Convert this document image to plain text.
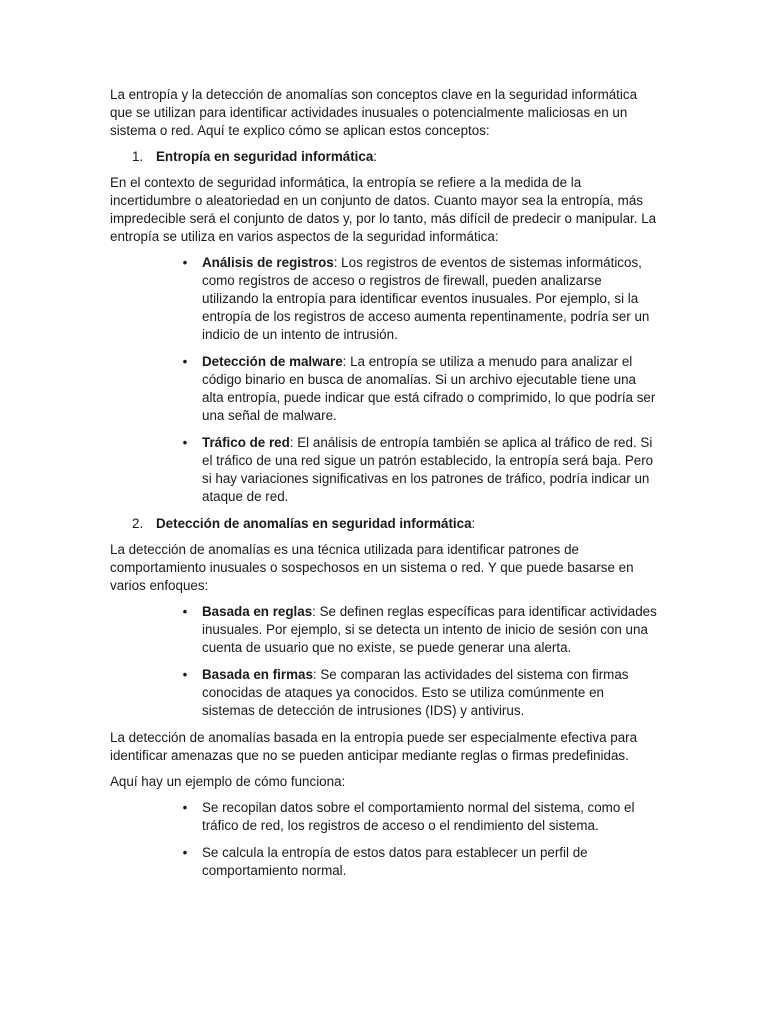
La entropía y la detección de anomalías son conceptos clave en la seguridad informática que se utilizan para identificar actividades inusuales o potencialmente maliciosas en un sistema o red. Aquí te explico cómo se aplican estos conceptos:

1. Entropía en seguridad informática:

En el contexto de seguridad informática, la entropía se refiere a la medida de la incertidumbre o aleatoriedad en un conjunto de datos. Cuanto mayor sea la entropía, más impredecible será el conjunto de datos y, por lo tanto, más difícil de predecir o manipular. La entropía se utiliza en varios aspectos de la seguridad informática:

• Análisis de registros: Los registros de eventos de sistemas informáticos, como registros de acceso o registros de firewall, pueden analizarse utilizando la entropía para identificar eventos inusuales. Por ejemplo, si la entropía de los registros de acceso aumenta repentinamente, podría ser un indicio de un intento de intrusión.
• Detección de malware: La entropía se utiliza a menudo para analizar el código binario en busca de anomalías. Si un archivo ejecutable tiene una alta entropía, puede indicar que está cifrado o comprimido, lo que podría ser una señal de malware.
• Tráfico de red: El análisis de entropía también se aplica al tráfico de red. Si el tráfico de una red sigue un patrón establecido, la entropía será baja. Pero si hay variaciones significativas en los patrones de tráfico, podría indicar un ataque de red.
2. Detección de anomalías en seguridad informática:

La detección de anomalías es una técnica utilizada para identificar patrones de comportamiento inusuales o sospechosos en un sistema o red. Y que puede basarse en varios enfoques:

• Basada en reglas: Se definen reglas específicas para identificar actividades inusuales. Por ejemplo, si se detecta un intento de inicio de sesión con una cuenta de usuario que no existe, se puede generar una alerta.
• Basada en firmas: Se comparan las actividades del sistema con firmas conocidas de ataques ya conocidos. Esto se utiliza comúnmente en sistemas de detección de intrusiones (IDS) y antivirus.

La detección de anomalías basada en la entropía puede ser especialmente efectiva para identificar amenazas que no se pueden anticipar mediante reglas o firmas predefinidas.

Aquí hay un ejemplo de cómo funciona:

• Se recopilan datos sobre el comportamiento normal del sistema, como el tráfico de red, los registros de acceso o el rendimiento del sistema.
• Se calcula la entropía de estos datos para establecer un perfil de comportamiento normal.
